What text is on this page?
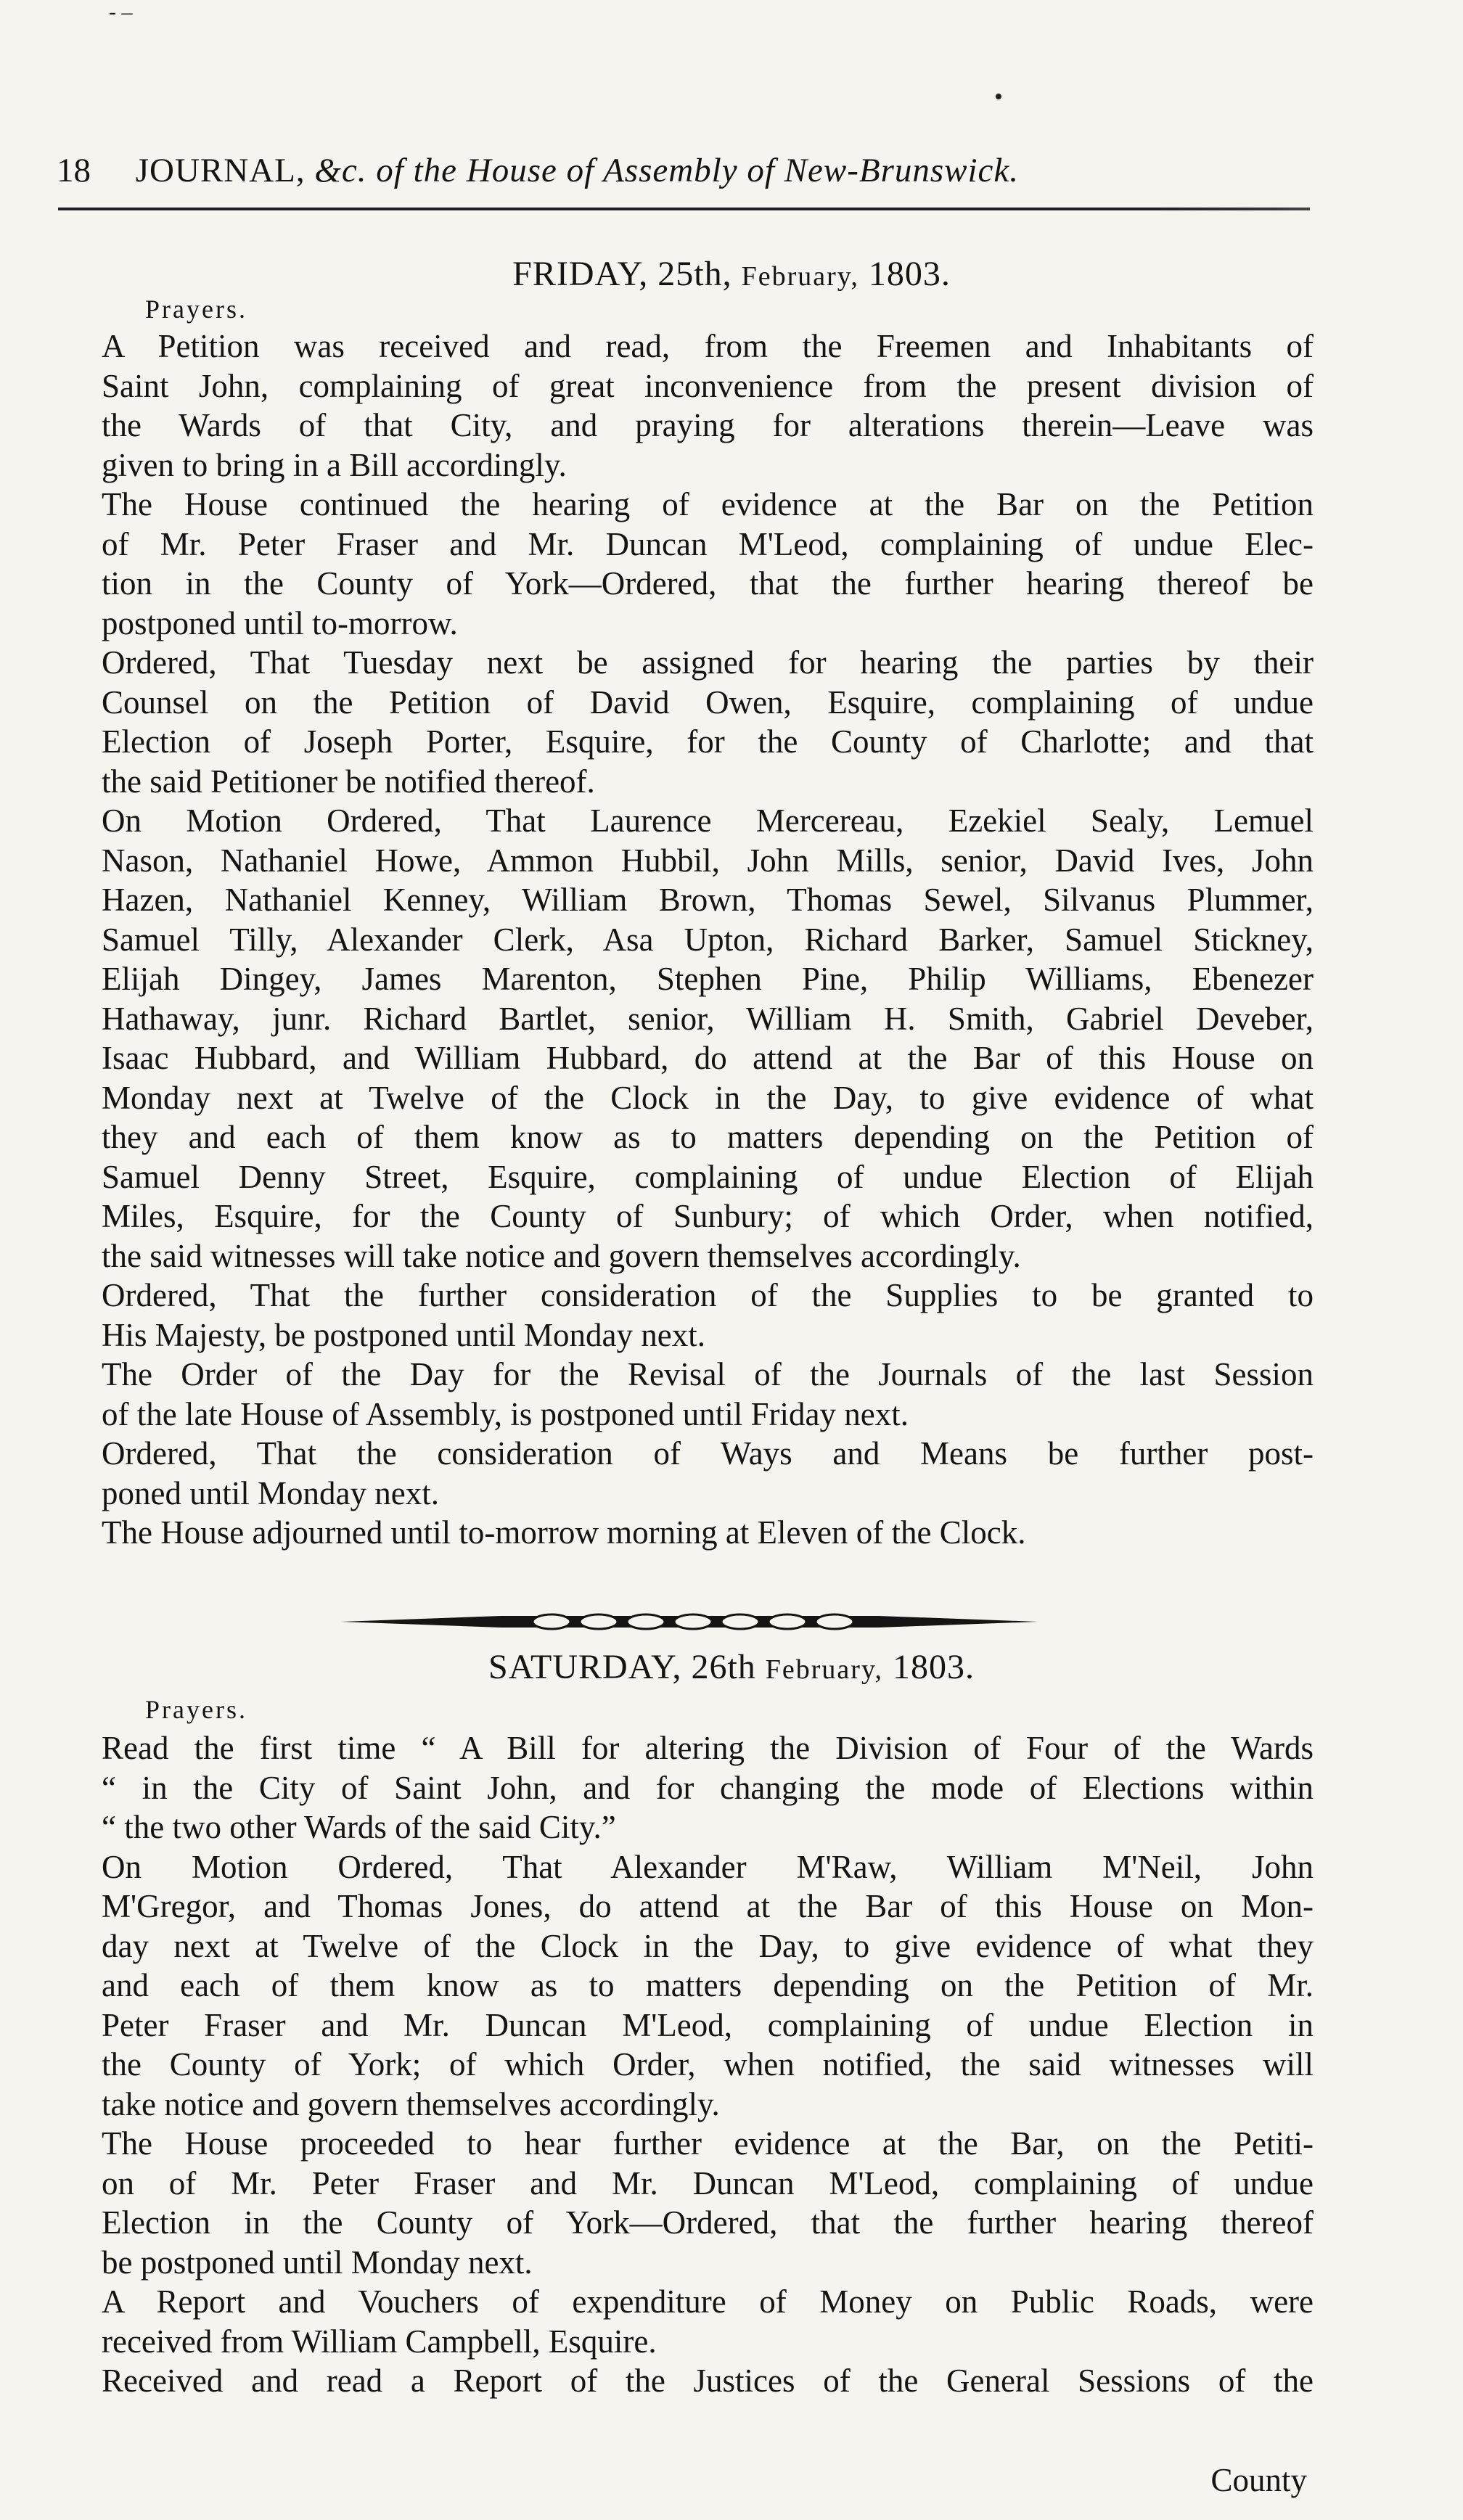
- –
•
18 JOURNAL, &c. of the House of Assembly of New-Brunswick.
FRIDAY, 25th, February, 1803.
Prayers.

A Petition was received and read, from the Freemen and Inhabitants of
Saint John, complaining of great inconvenience from the present division of
the Wards of that City, and praying for alterations therein—Leave was
given to bring in a Bill accordingly.

The House continued the hearing of evidence at the Bar on the Petition
of Mr. Peter Fraser and Mr. Duncan M'Leod, complaining of undue Elec-
tion in the County of York—Ordered, that the further hearing thereof be
postponed until to-morrow.

Ordered, That Tuesday next be assigned for hearing the parties by their
Counsel on the Petition of David Owen, Esquire, complaining of undue
Election of Joseph Porter, Esquire, for the County of Charlotte; and that
the said Petitioner be notified thereof.

On Motion Ordered, That Laurence Mercereau, Ezekiel Sealy, Lemuel
Nason, Nathaniel Howe, Ammon Hubbil, John Mills, senior, David Ives, John
Hazen, Nathaniel Kenney, William Brown, Thomas Sewel, Silvanus Plummer,
Samuel Tilly, Alexander Clerk, Asa Upton, Richard Barker, Samuel Stickney,
Elijah Dingey, James Marenton, Stephen Pine, Philip Williams, Ebenezer
Hathaway, junr. Richard Bartlet, senior, William H. Smith, Gabriel Deveber,
Isaac Hubbard, and William Hubbard, do attend at the Bar of this House on
Monday next at Twelve of the Clock in the Day, to give evidence of what
they and each of them know as to matters depending on the Petition of
Samuel Denny Street, Esquire, complaining of undue Election of Elijah
Miles, Esquire, for the County of Sunbury; of which Order, when notified,
the said witnesses will take notice and govern themselves accordingly.

Ordered, That the further consideration of the Supplies to be granted to
His Majesty, be postponed until Monday next.

The Order of the Day for the Revisal of the Journals of the last Session
of the late House of Assembly, is postponed until Friday next.

Ordered, That the consideration of Ways and Means be further post-
poned until Monday next.

The House adjourned until to-morrow morning at Eleven of the Clock.

SATURDAY, 26th February, 1803.
Prayers.

Read the first time “ A Bill for altering the Division of Four of the Wards
“ in the City of Saint John, and for changing the mode of Elections within
“ the two other Wards of the said City.”

On Motion Ordered, That Alexander M'Raw, William M'Neil, John
M'Gregor, and Thomas Jones, do attend at the Bar of this House on Mon-
day next at Twelve of the Clock in the Day, to give evidence of what they
and each of them know as to matters depending on the Petition of Mr.
Peter Fraser and Mr. Duncan M'Leod, complaining of undue Election in
the County of York; of which Order, when notified, the said witnesses will
take notice and govern themselves accordingly.

The House proceeded to hear further evidence at the Bar, on the Petiti-
on of Mr. Peter Fraser and Mr. Duncan M'Leod, complaining of undue
Election in the County of York—Ordered, that the further hearing thereof
be postponed until Monday next.

A Report and Vouchers of expenditure of Money on Public Roads, were
received from William Campbell, Esquire.

Received and read a Report of the Justices of the General Sessions of the

County
